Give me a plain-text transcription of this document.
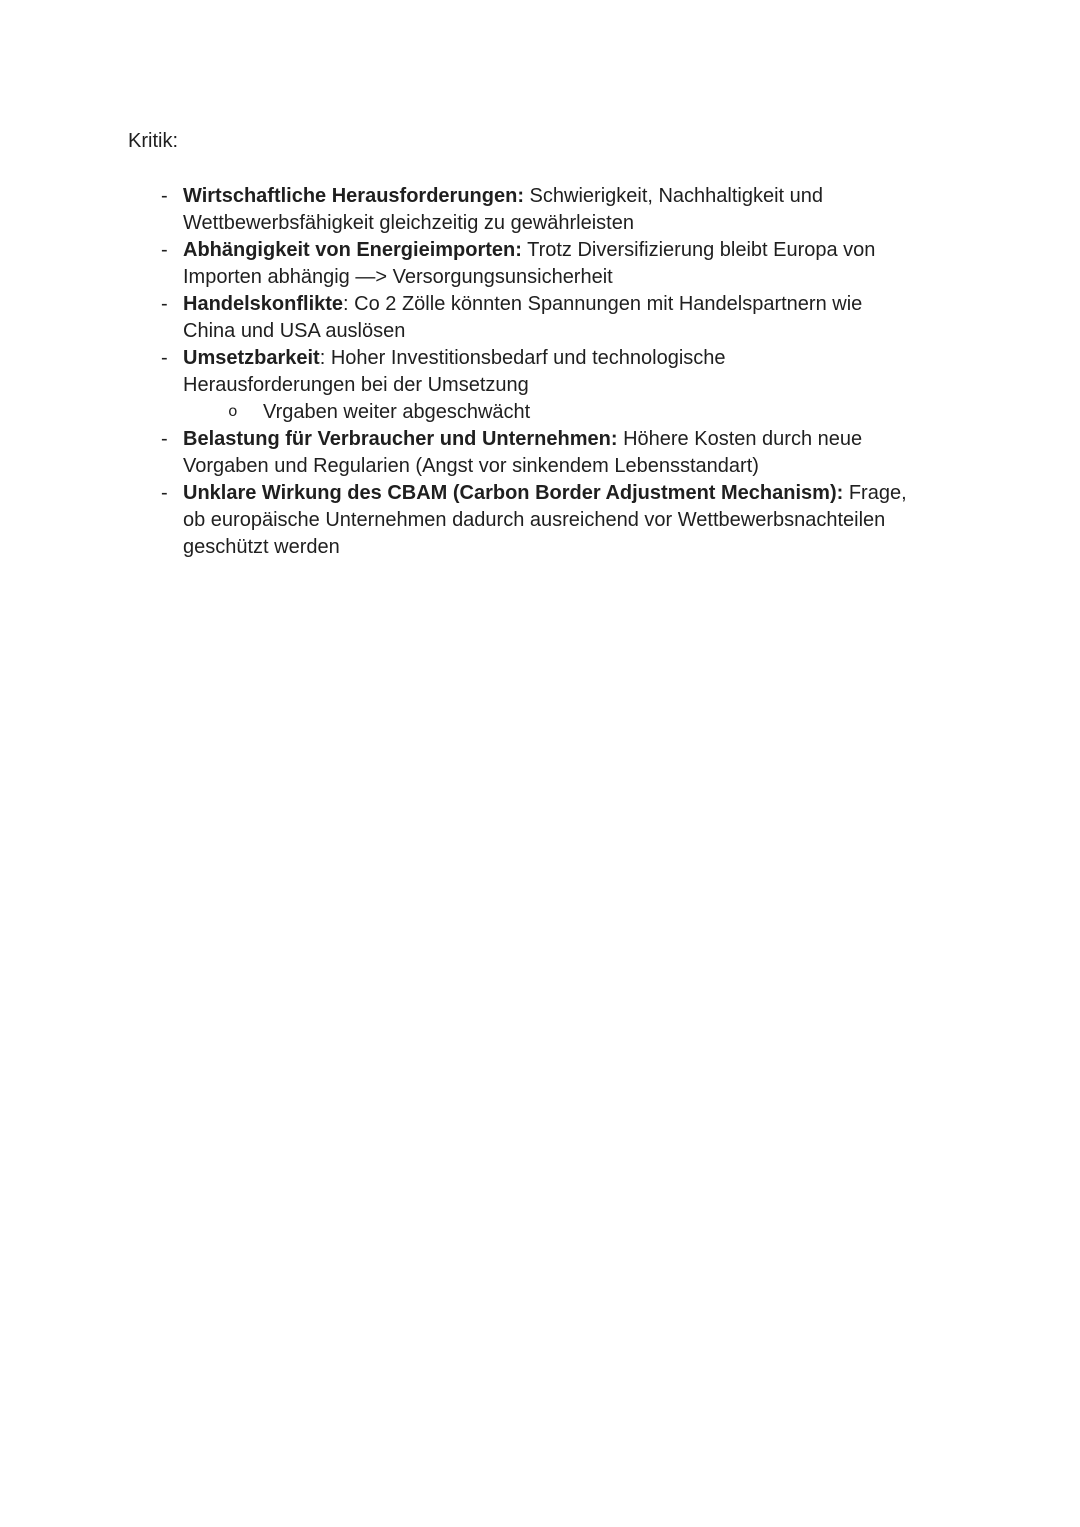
Kritik:

- Wirtschaftliche Herausforderungen: Schwierigkeit, Nachhaltigkeit und

Wettbewerbsfähigkeit gleichzeitig zu gewährleisten

- Abhängigkeit von Energieimporten: Trotz Diversifizierung bleibt Europa von

Importen abhängig —> Versorgungsunsicherheit

- Handelskonflikte: Co 2 Zölle könnten Spannungen mit Handelspartnern wie

China und USA auslösen

- Umsetzbarkeit: Hoher Investitionsbedarf und technologische

Herausforderungen bei der Umsetzung

o	Vrgaben weiter abgeschwächt
- Belastung für Verbraucher und Unternehmen: Höhere Kosten durch neue

Vorgaben und Regularien (Angst vor sinkendem Lebensstandart)

- Unklare Wirkung des CBAM (Carbon Border Adjustment Mechanism): Frage,

ob europäische Unternehmen dadurch ausreichend vor Wettbewerbsnachteilen

geschützt werden
